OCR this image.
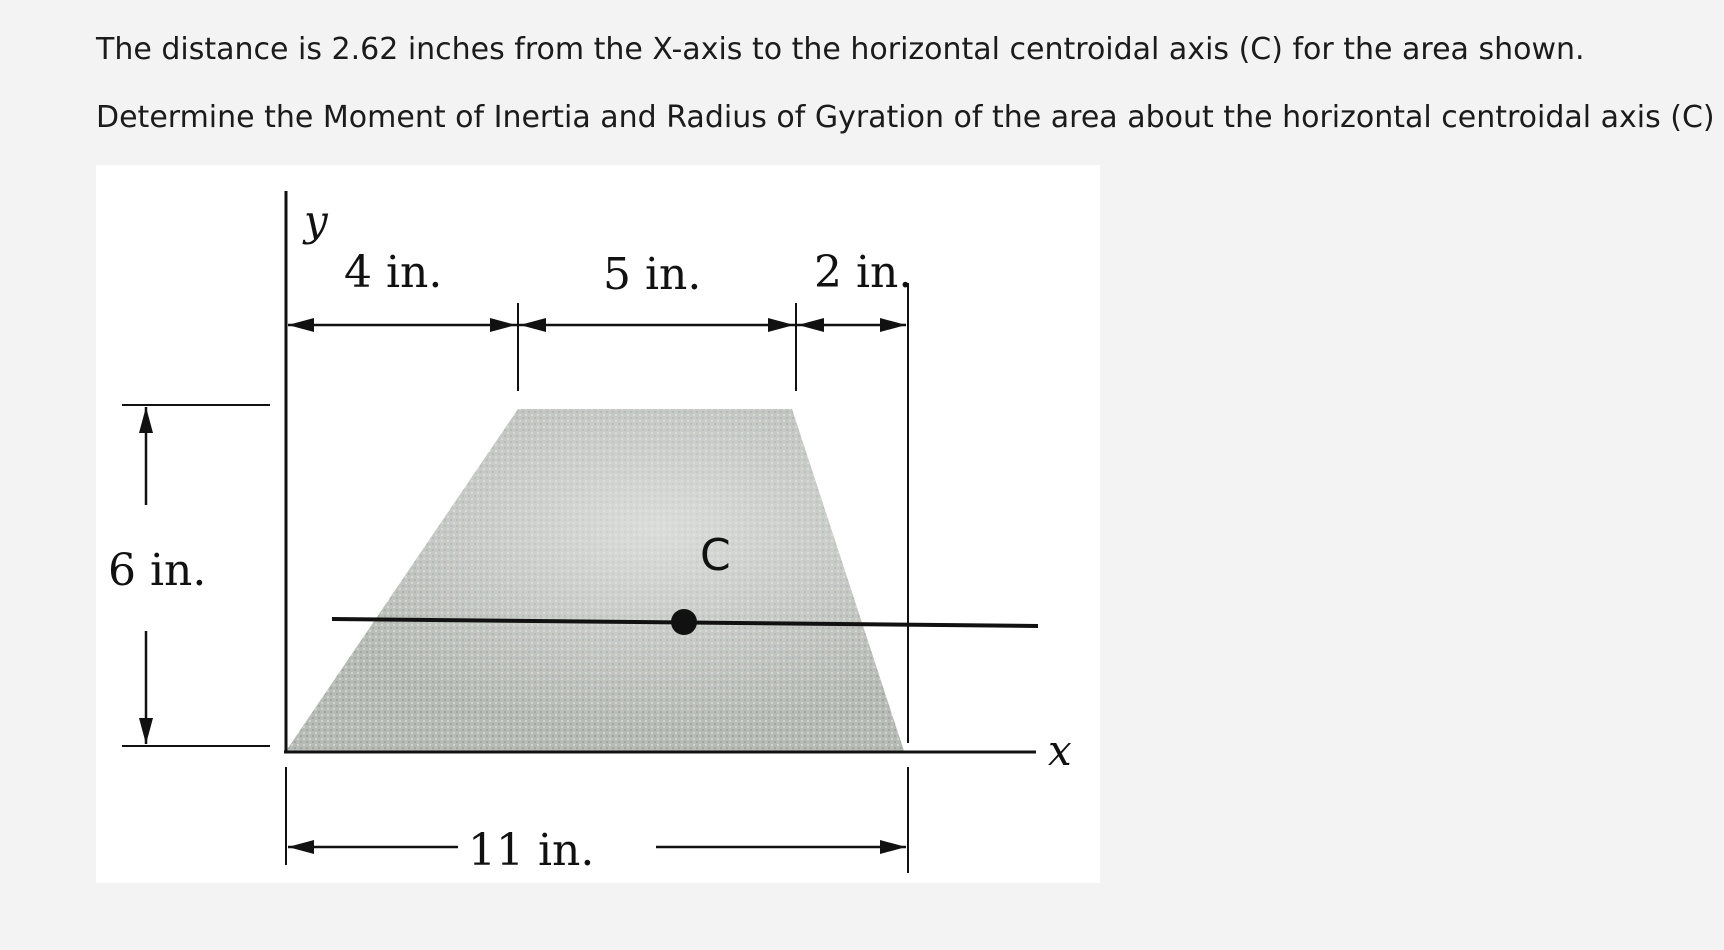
The distance is 2.62 inches from the X-axis to the horizontal centroidal axis (C) for the area shown.

Determine the Moment of Inertia and Radius of Gyration of the area about the horizontal centroidal axis (C)

y
x
C
4 in.	5 in.	2 in.
6 in.
11 in.
